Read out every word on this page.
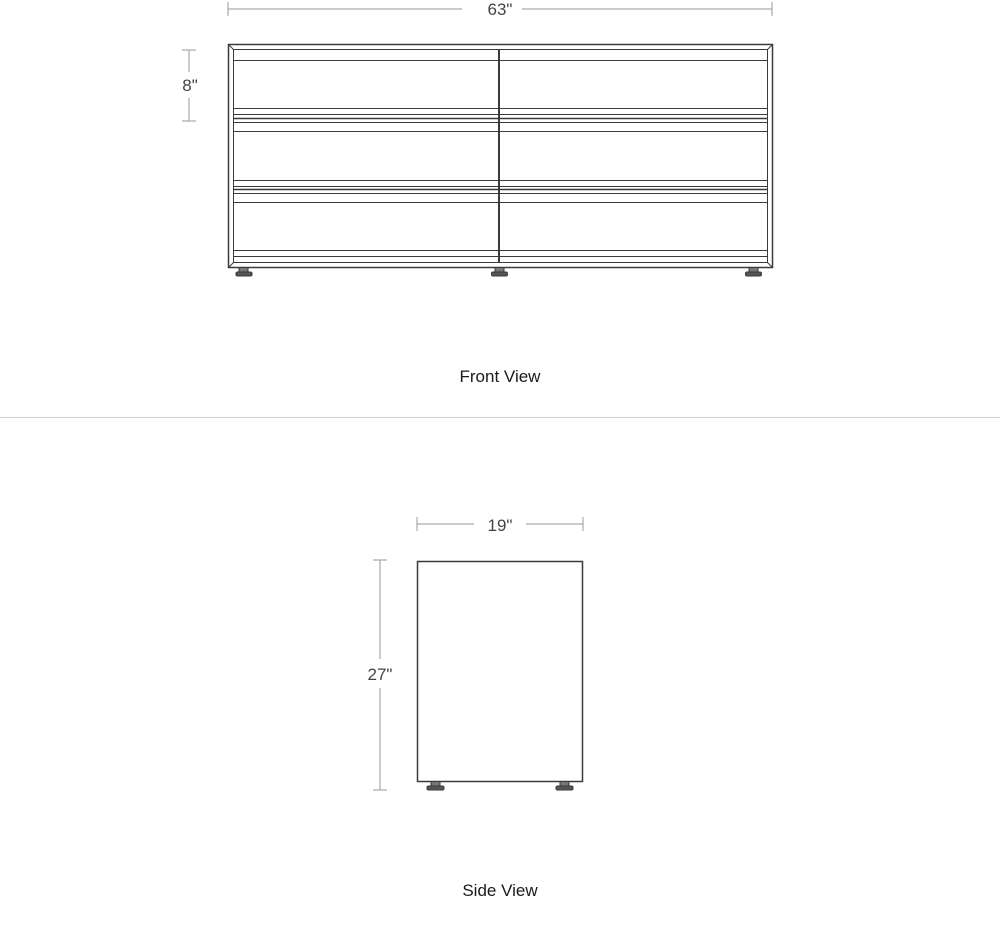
63"
8"
Front View
19"
27"
Side View
